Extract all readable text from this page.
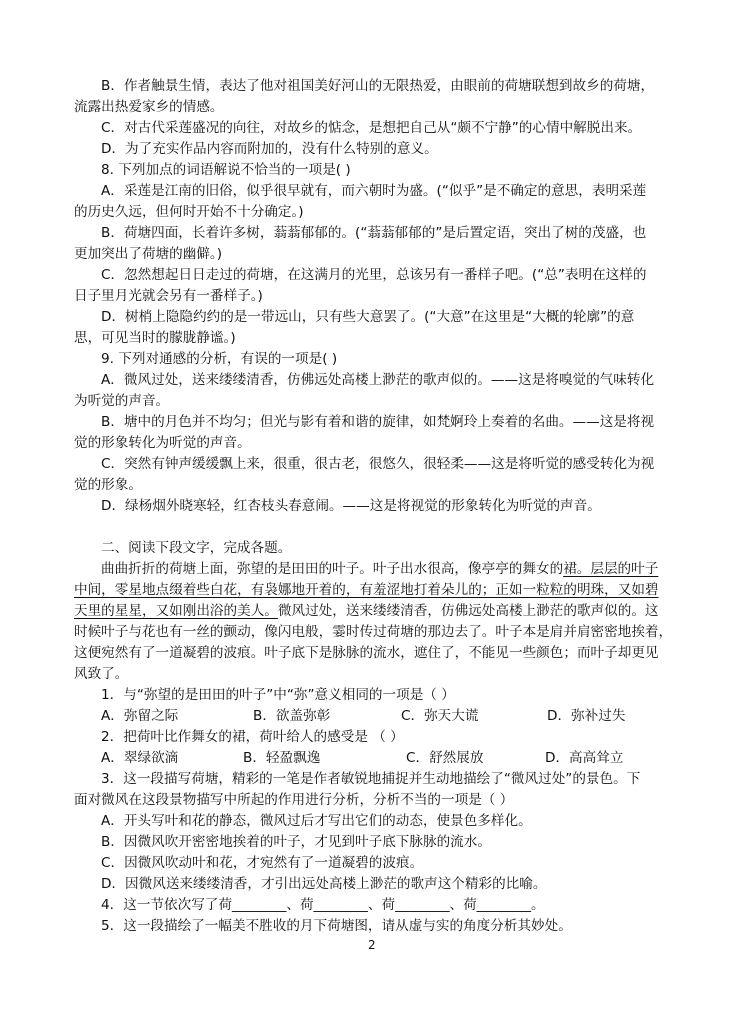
B．作者触景生情，表达了他对祖国美好河山的无限热爱，由眼前的荷塘联想到故乡的荷塘，
流露出热爱家乡的情感。
C．对古代采莲盛况的向往，对故乡的惦念，是想把自己从“颇不宁静”的心情中解脱出来。
D．为了充实作品内容而附加的，没有什么特别的意义。
8. 下列加点的词语解说不恰当的一项是( )
A．采莲是江南的旧俗，似乎很早就有，而六朝时为盛。(“似乎”是不确定的意思，表明采莲
的历史久远，但何时开始不十分确定。)
B．荷塘四面，长着许多树，蓊蓊郁郁的。(“蓊蓊郁郁的”是后置定语，突出了树的茂盛，也
更加突出了荷塘的幽僻。)
C．忽然想起日日走过的荷塘，在这满月的光里，总该另有一番样子吧。(“总”表明在这样的
日子里月光就会另有一番样子。)
D．树梢上隐隐约约的是一带远山，只有些大意罢了。(“大意”在这里是“大概的轮廓”的意
思，可见当时的朦胧静谧。)
9. 下列对通感的分析，有误的一项是( )
A．微风过处，送来缕缕清香，仿佛远处高楼上渺茫的歌声似的。——这是将嗅觉的气味转化
为听觉的声音。
B．塘中的月色并不均匀；但光与影有着和谐的旋律，如梵婀玲上奏着的名曲。——这是将视
觉的形象转化为听觉的声音。
C．突然有钟声缓缓飘上来，很重，很古老，很悠久，很轻柔——这是将听觉的感受转化为视
觉的形象。
D．绿杨烟外晓寒轻，红杏枝头春意闹。——这是将视觉的形象转化为听觉的声音。
二、阅读下段文字，完成各题。
曲曲折折的荷塘上面，弥望的是田田的叶子。叶子出水很高，像亭亭的舞女的裙。层层的叶子
中间，零星地点缀着些白花，有袅娜地开着的，有羞涩地打着朵儿的；正如一粒粒的明珠，又如碧
天里的星星，又如刚出浴的美人。微风过处，送来缕缕清香，仿佛远处高楼上渺茫的歌声似的。这
时候叶子与花也有一丝的颤动，像闪电般，霎时传过荷塘的那边去了。叶子本是肩并肩密密地挨着，
这便宛然有了一道凝碧的波痕。叶子底下是脉脉的流水，遮住了，不能见一些颜色；而叶子却更见
风致了。
1．与“弥望的是田田的叶子”中“弥”意义相同的一项是（ ）
A．弥留之际	B．欲盖弥彰	C．弥天大谎	D．弥补过失
2．把荷叶比作舞女的裙，荷叶给人的感受是 （ ）
A．翠绿欲滴	B．轻盈飘逸	C．舒然展放	D．高高耸立
3．这一段描写荷塘，精彩的一笔是作者敏锐地捕捉并生动地描绘了“微风过处”的景色。下
面对微风在这段景物描写中所起的作用进行分析，分析不当的一项是（ ）
A．开头写叶和花的静态，微风过后才写出它们的动态，使景色多样化。
B．因微风吹开密密地挨着的叶子，才见到叶子底下脉脉的流水。
C．因微风吹动叶和花，才宛然有了一道凝碧的波痕。
D．因微风送来缕缕清香，才引出远处高楼上渺茫的歌声这个精彩的比喻。
4．这一节依次写了荷________、荷________、荷________、荷________。
5．这一段描绘了一幅美不胜收的月下荷塘图，请从虚与实的角度分析其妙处。
2
